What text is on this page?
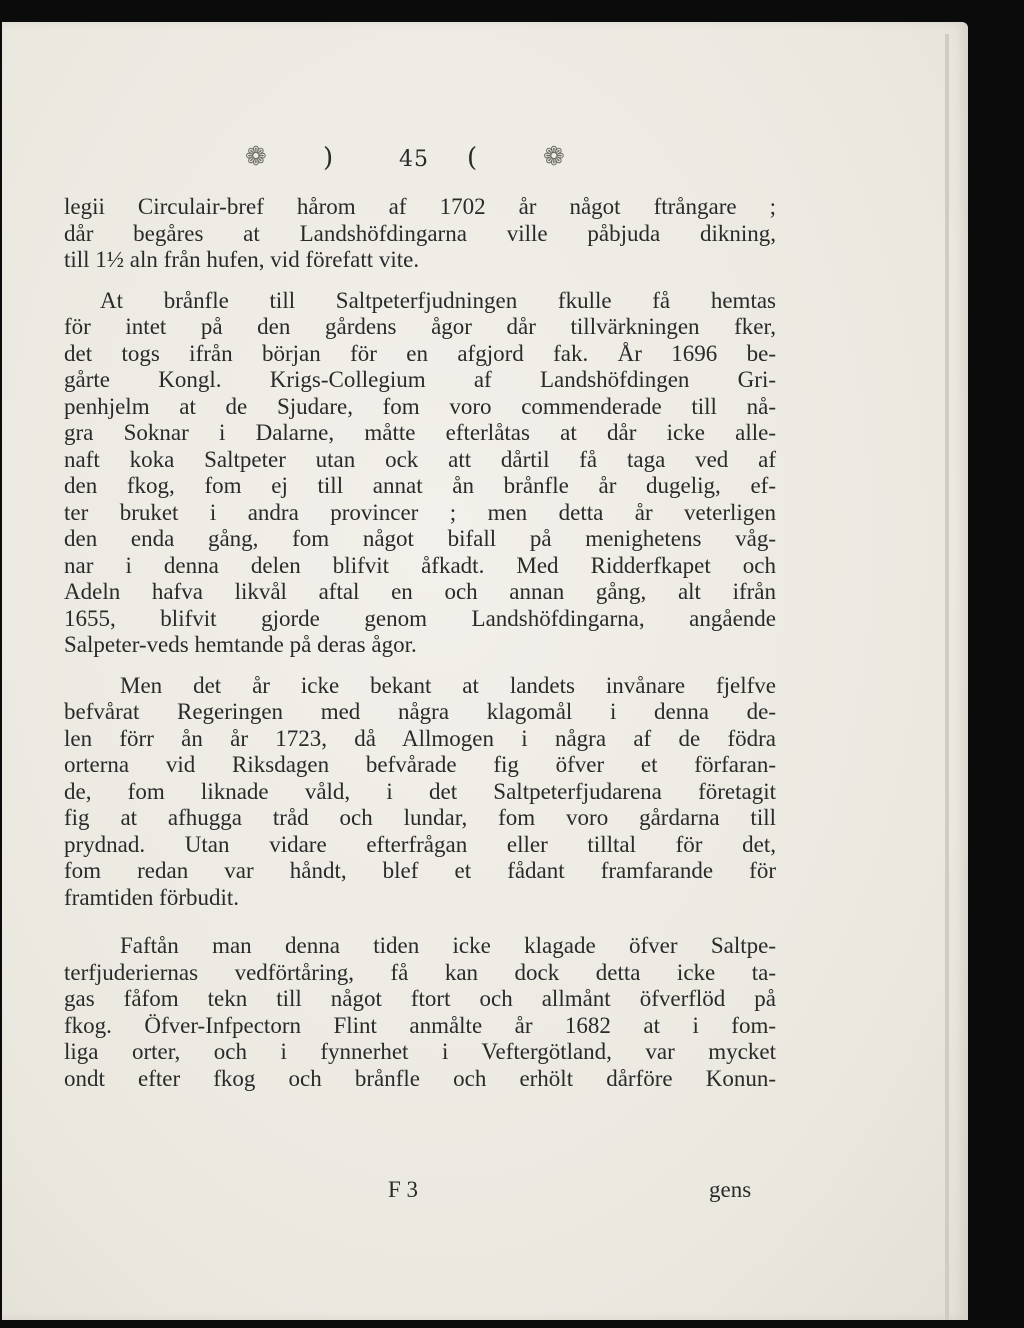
❁ )	45 (	❁
legii Circulair-bref hårom af 1702 år något ftrångare ;
dår begåres at Landshöfdingarna ville påbjuda dikning,
till 1½ aln från hufen, vid förefatt vite.
At brånfle till Saltpeterfjudningen fkulle få hemtas
för intet på den gårdens ågor dår tillvärkningen fker,
det togs ifrån början för en afgjord fak. År 1696 be-
gårte Kongl. Krigs-Collegium af Landshöfdingen Gri-
penhjelm at de Sjudare, fom voro commenderade till nå-
gra Soknar i Dalarne, måtte efterlåtas at dår icke alle-
naft koka Saltpeter utan ock att dårtil få taga ved af
den fkog, fom ej till annat ån brånfle år dugelig, ef-
ter bruket i andra provincer ; men detta år veterligen
den enda gång, fom något bifall på menighetens våg-
nar i denna delen blifvit åfkadt. Med Ridderfkapet och
Adeln hafva likvål aftal en och annan gång, alt ifrån
1655, blifvit gjorde genom Landshöfdingarna, angående
Salpeter-veds hemtande på deras ågor.
Men det år icke bekant at landets invånare fjelfve
befvårat Regeringen med några klagomål i denna de-
len förr ån år 1723, då Allmogen i några af de födra
orterna vid Riksdagen befvårade fig öfver et förfaran-
de, fom liknade våld, i det Saltpeterfjudarena företagit
fig at afhugga tråd och lundar, fom voro gårdarna till
prydnad. Utan vidare efterfrågan eller tilltal för det,
fom redan var håndt, blef et fådant framfarande för
framtiden förbudit.
Faftån man denna tiden icke klagade öfver Saltpe-
terfjuderiernas vedförtåring, få kan dock detta icke ta-
gas fåfom tekn till något ftort och allmånt öfverflöd på
fkog. Öfver-Infpectorn Flint anmålte år 1682 at i fom-
liga orter, och i fynnerhet i Veftergötland, var mycket
ondt efter fkog och brånfle och erhölt dårföre Konun-
F 3	gens
